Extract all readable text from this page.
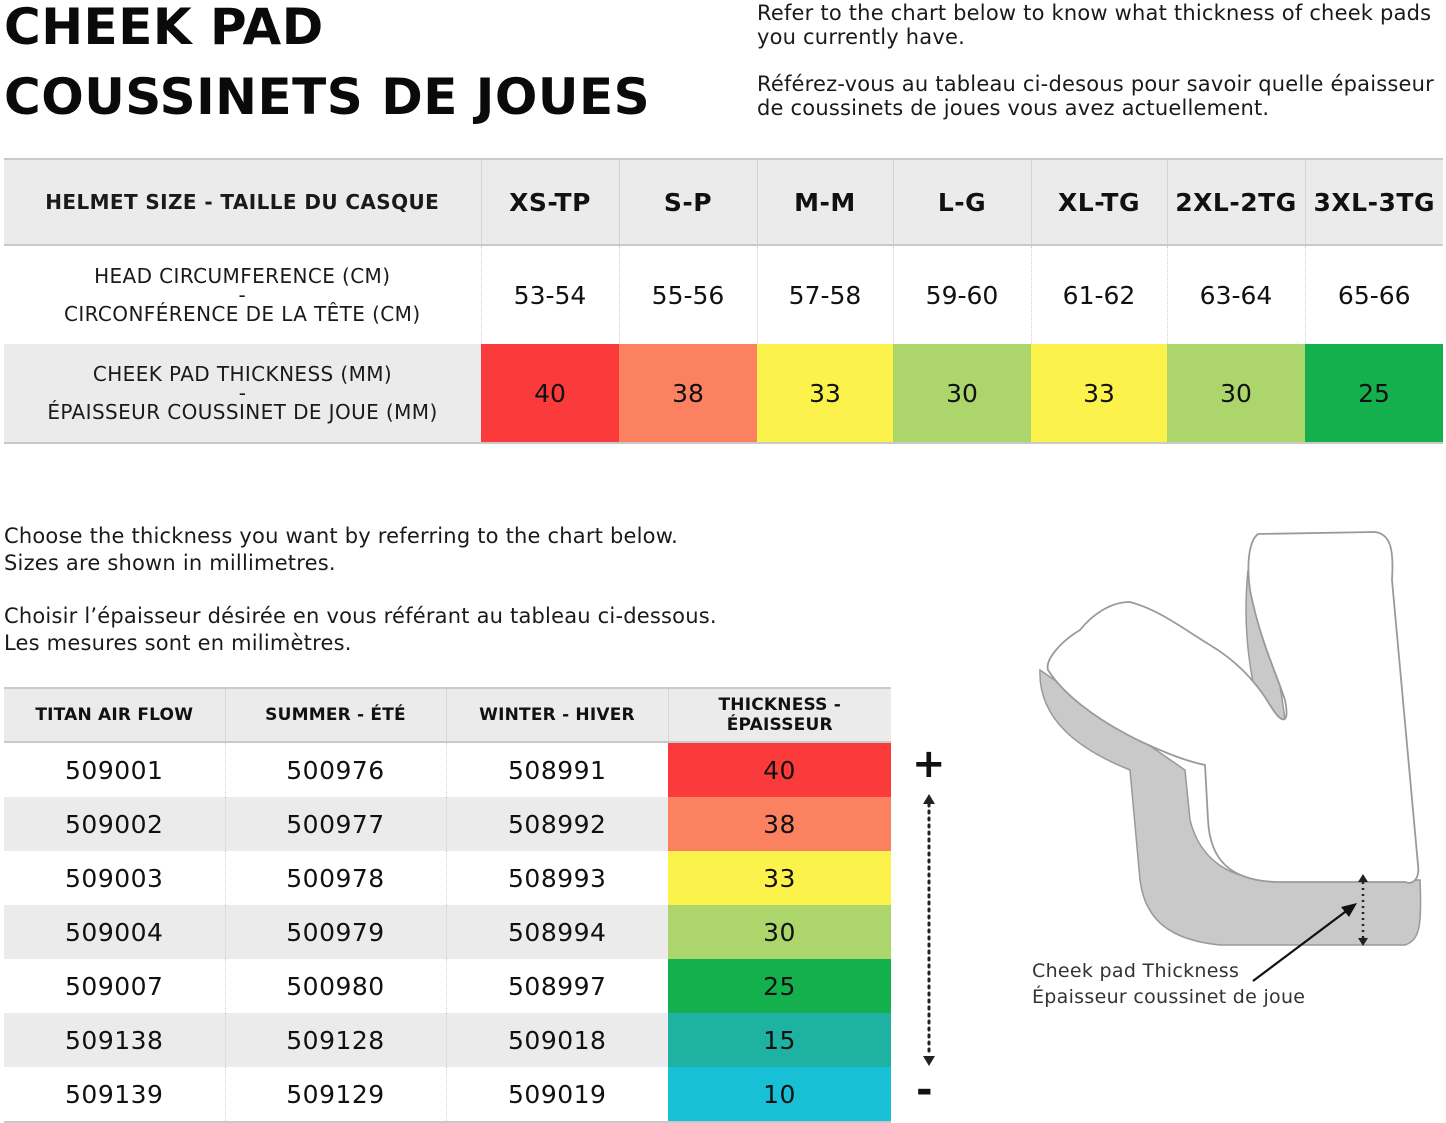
CHEEK PAD
COUSSINETS DE JOUES
Refer to the chart below to know what thickness of cheek pads
you currently have.
Référez-vous au tableau ci-desous pour savoir quelle épaisseur
de coussinets de joues vous avez actuellement.
HELMET SIZE - TAILLE DU CASQUE	XS-TP	S-P	M-M	L-G	XL-TG	2XL-2TG	3XL-3TG

HEAD CIRCUMFERENCE (CM)
-
CIRCONFÉRENCE DE LA TÊTE (CM)	53-54	55-56	57-58	59-60	61-62	63-64	65-66

CHEEK PAD THICKNESS (MM)
-
ÉPAISSEUR COUSSINET DE JOUE (MM)	40	38	33	30	33	30	25
Choose the thickness you want by referring to the chart below.
Sizes are shown in millimetres.
Choisir l’épaisseur désirée en vous référant au tableau ci-dessous.
Les mesures sont en milimètres.
TITAN AIR FLOW	SUMMER - ÉTÉ	WINTER - HIVER	THICKNESS - ÉPAISSEUR
509001	500976	508991	40
509002	500977	508992	38
509003	500978	508993	33
509004	500979	508994	30
509007	500980	508997	25
509138	509128	509018	15
509139	509129	509019	10
+
-
Cheek pad Thickness
Épaisseur coussinet de joue
